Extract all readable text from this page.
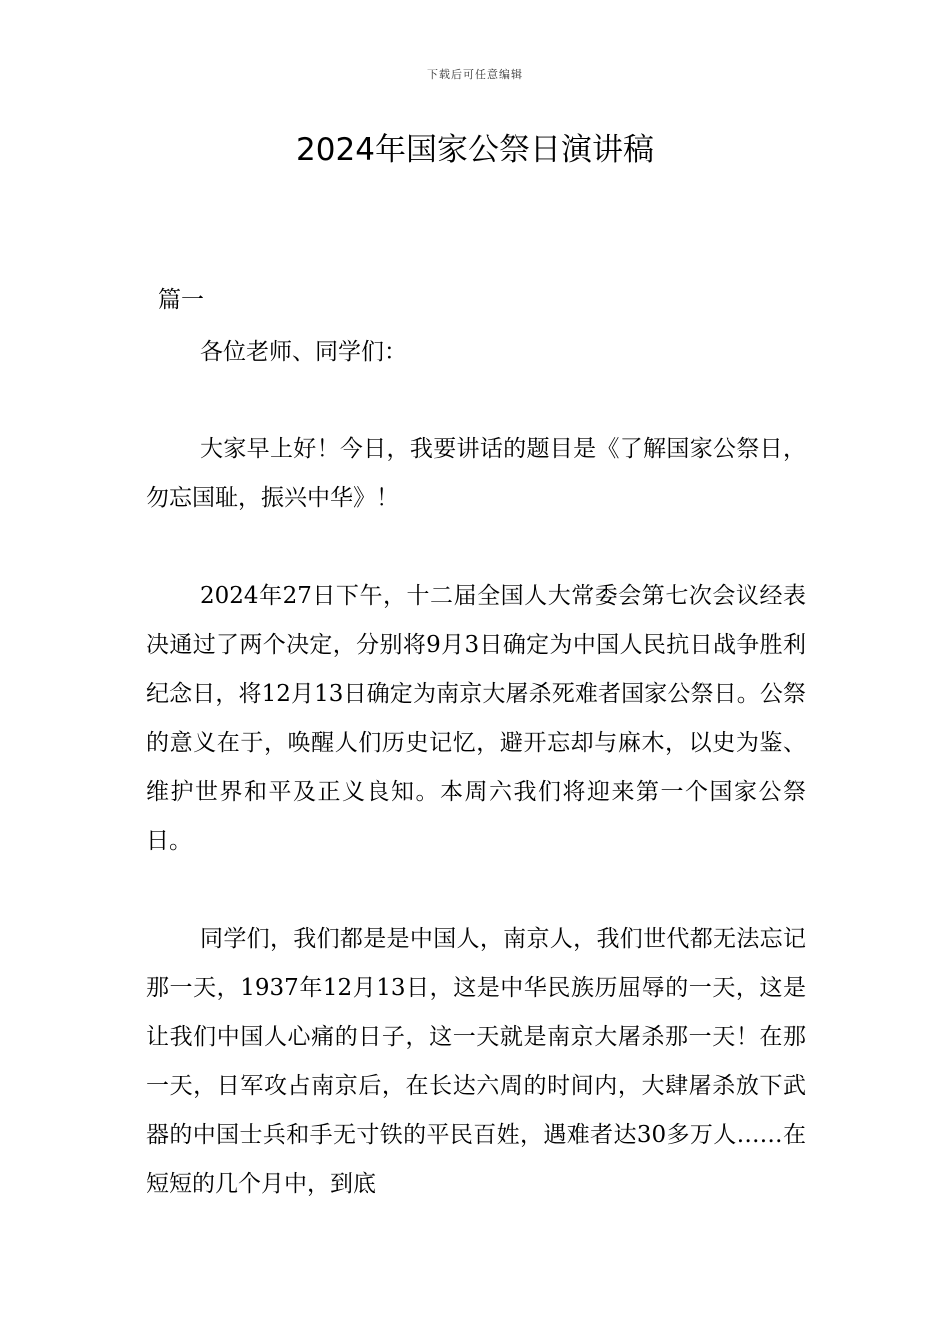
下载后可任意编辑
2024年国家公祭日演讲稿
篇一

各位老师、同学们：

大家早上好！今日，我要讲话的题目是《了解国家公祭日，勿忘国耻，振兴中华》！

2024年27日下午，十二届全国人大常委会第七次会议经表决通过了两个决定，分别将9月3日确定为中国人民抗日战争胜利纪念日，将12月13日确定为南京大屠杀死难者国家公祭日。公祭的意义在于，唤醒人们历史记忆，避开忘却与麻木，以史为鉴、维护世界和平及正义良知。本周六我们将迎来第一个国家公祭日。

同学们，我们都是是中国人，南京人，我们世代都无法忘记那一天，1937年12月13日，这是中华民族历屈辱的一天，这是让我们中国人心痛的日子，这一天就是南京大屠杀那一天！在那一天，日军攻占南京后，在长达六周的时间内，大肆屠杀放下武器的中国士兵和手无寸铁的平民百姓，遇难者达30多万人……在短短的几个月中，到底
